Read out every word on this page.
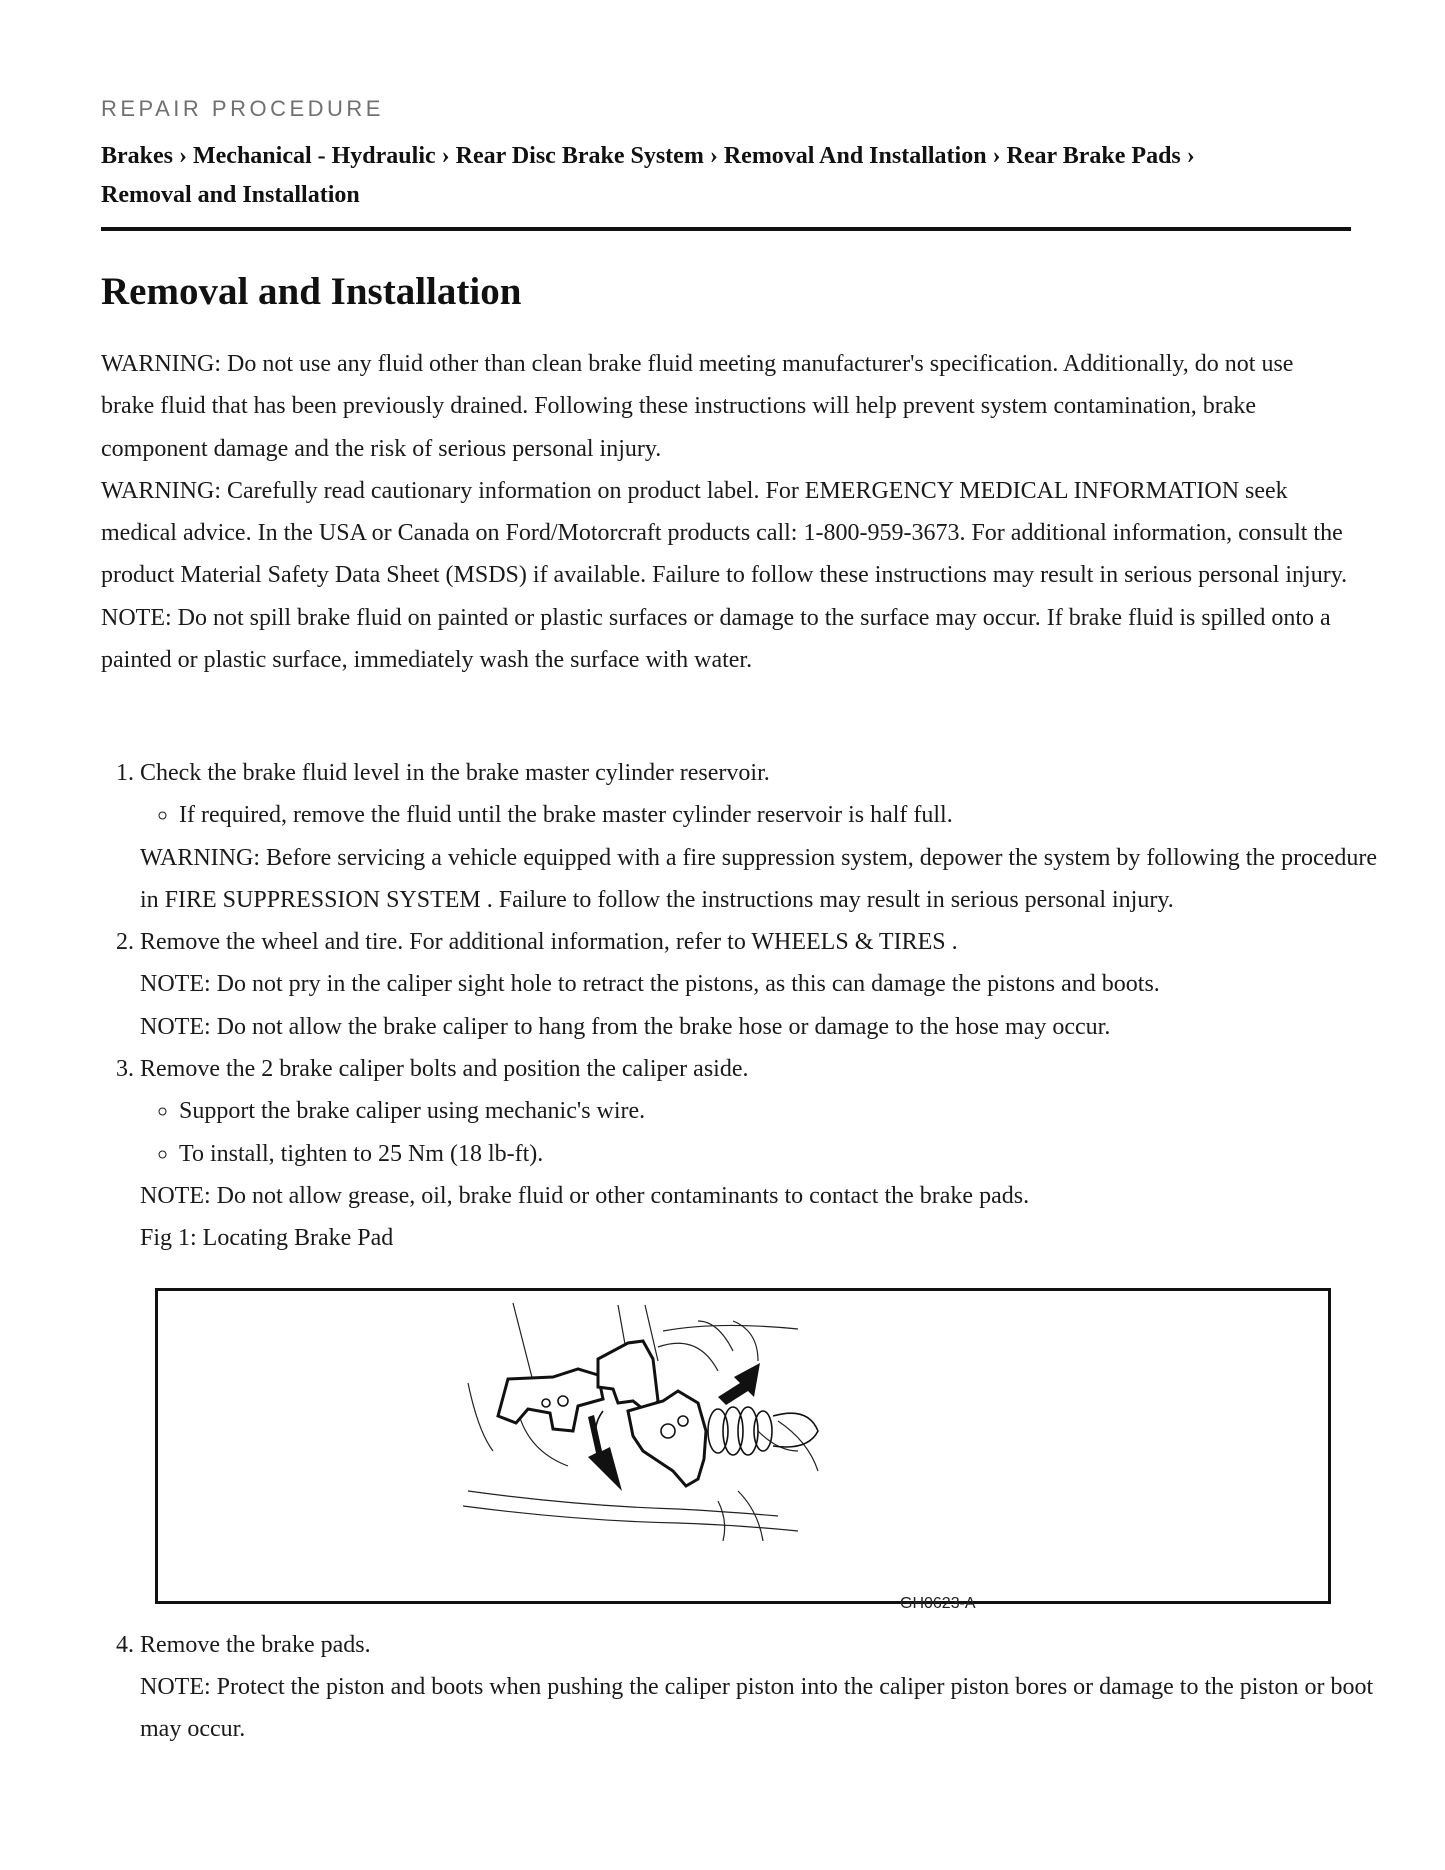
REPAIR PROCEDURE
Brakes › Mechanical - Hydraulic › Rear Disc Brake System › Removal And Installation › Rear Brake Pads ›
Removal and Installation
Removal and Installation

WARNING: Do not use any fluid other than clean brake fluid meeting manufacturer's specification. Additionally, do not use brake fluid that has been previously drained. Following these instructions will help prevent system contamination, brake component damage and the risk of serious personal injury.

WARNING: Carefully read cautionary information on product label. For EMERGENCY MEDICAL INFORMATION seek medical advice. In the USA or Canada on Ford/Motorcraft products call: 1-800-959-3673. For additional information, consult the product Material Safety Data Sheet (MSDS) if available. Failure to follow these instructions may result in serious personal injury.

NOTE: Do not spill brake fluid on painted or plastic surfaces or damage to the surface may occur. If brake fluid is spilled onto a painted or plastic surface, immediately wash the surface with water.

1. Check the brake fluid level in the brake master cylinder reservoir.
◦ If required, remove the fluid until the brake master cylinder reservoir is half full.

WARNING: Before servicing a vehicle equipped with a fire suppression system, depower the system by following the procedure in FIRE SUPPRESSION SYSTEM . Failure to follow the instructions may result in serious personal injury.

2. Remove the wheel and tire. For additional information, refer to WHEELS & TIRES .

NOTE: Do not pry in the caliper sight hole to retract the pistons, as this can damage the pistons and boots.

NOTE: Do not allow the brake caliper to hang from the brake hose or damage to the hose may occur.

3. Remove the 2 brake caliper bolts and position the caliper aside.
◦ Support the brake caliper using mechanic's wire.
◦ To install, tighten to 25 Nm (18 lb-ft).

NOTE: Do not allow grease, oil, brake fluid or other contaminants to contact the brake pads.

Fig 1: Locating Brake Pad

GH0623-A
4. Remove the brake pads.

NOTE: Protect the piston and boots when pushing the caliper piston into the caliper piston bores or damage to the piston or boot may occur.
